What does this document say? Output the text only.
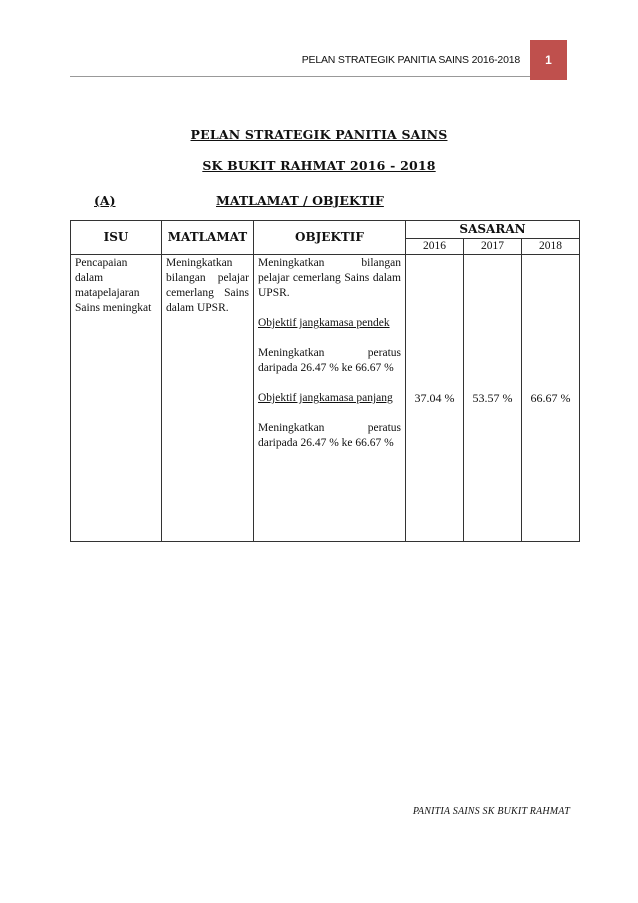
PELAN STRATEGIK PANITIA SAINS 2016-2018	1
PELAN STRATEGIK PANITIA SAINS
SK BUKIT RAHMAT 2016 - 2018
(A)	MATLAMAT / OBJEKTIF
ISU	MATLAMAT	OBJEKTIF	SASARAN		
			2016	2017	2018
Pencapaian dalam matapelajaran Sains meningkat	Meningkatkan bilangan pelajar cemerlang Sains dalam UPSR.	Meningkatkan bilangan pelajar cemerlang Sains dalam UPSR.

Objektif jangkamasa pendek

Meningkatkan peratus daripada 26.47 % ke 66.67 %

Objektif jangkamasa panjang

Meningkatkan peratus daripada 26.47 % ke 66.67 %	37.04 %	53.57 %	66.67 %
PANITIA SAINS SK BUKIT RAHMAT
